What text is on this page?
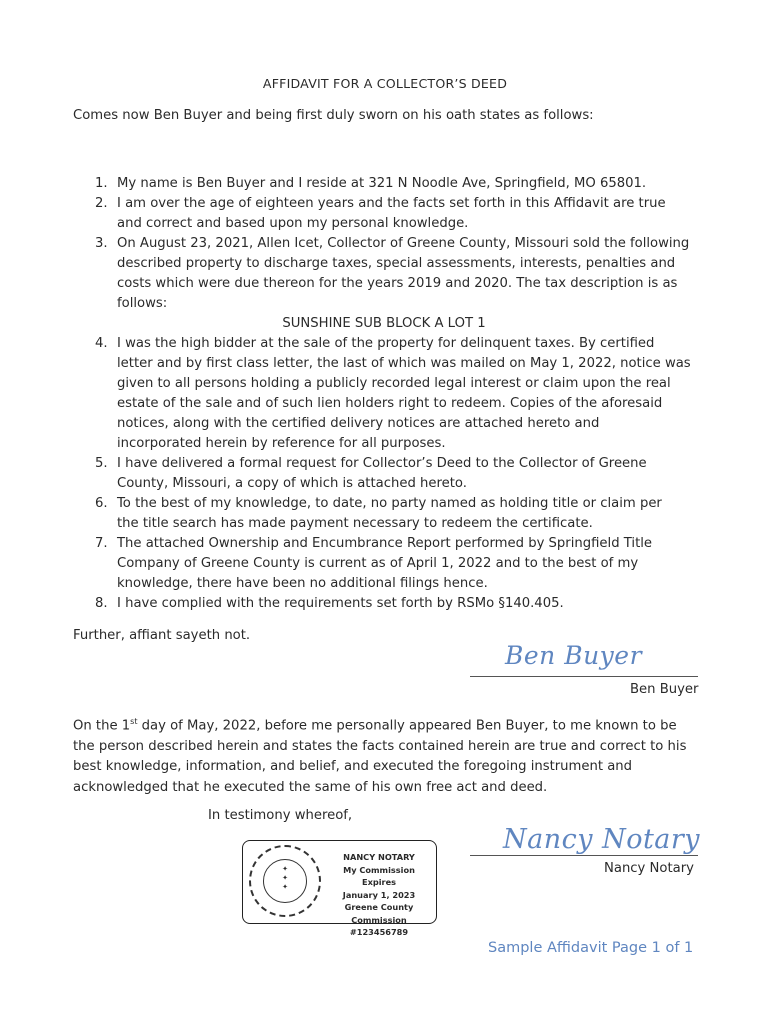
AFFIDAVIT FOR A COLLECTOR’S DEED
Comes now Ben Buyer and being first duly sworn on his oath states as follows:
1. My name is Ben Buyer and I reside at 321 N Noodle Ave, Springfield, MO 65801.
2. I am over the age of eighteen years and the facts set forth in this Affidavit are true
and correct and based upon my personal knowledge.
3. On August 23, 2021, Allen Icet, Collector of Greene County, Missouri sold the following
described property to discharge taxes, special assessments, interests, penalties and
costs which were due thereon for the years 2019 and 2020. The tax description is as
follows:
SUNSHINE SUB BLOCK A LOT 1
4. I was the high bidder at the sale of the property for delinquent taxes. By certified
letter and by first class letter, the last of which was mailed on May 1, 2022, notice was
given to all persons holding a publicly recorded legal interest or claim upon the real
estate of the sale and of such lien holders right to redeem. Copies of the aforesaid
notices, along with the certified delivery notices are attached hereto and
incorporated herein by reference for all purposes.
5. I have delivered a formal request for Collector’s Deed to the Collector of Greene
County, Missouri, a copy of which is attached hereto.
6. To the best of my knowledge, to date, no party named as holding title or claim per
the title search has made payment necessary to redeem the certificate.
7. The attached Ownership and Encumbrance Report performed by Springfield Title
Company of Greene County is current as of April 1, 2022 and to the best of my
knowledge, there have been no additional filings hence.
8. I have complied with the requirements set forth by RSMo §140.405.
Further, affiant sayeth not.
Ben Buyer
Ben Buyer
On the 1st day of May, 2022, before me personally appeared Ben Buyer, to me known to be
the person described herein and states the facts contained herein are true and correct to his
best knowledge, information, and belief, and executed the foregoing instrument and
acknowledged that he executed the same of his own free act and deed.
In testimony whereof,
✦
✦
✦
NANCY NOTARY
My Commission Expires
January 1, 2023
Greene County
Commission #123456789
Nancy Notary
Nancy Notary
Sample Affidavit Page 1 of 1
